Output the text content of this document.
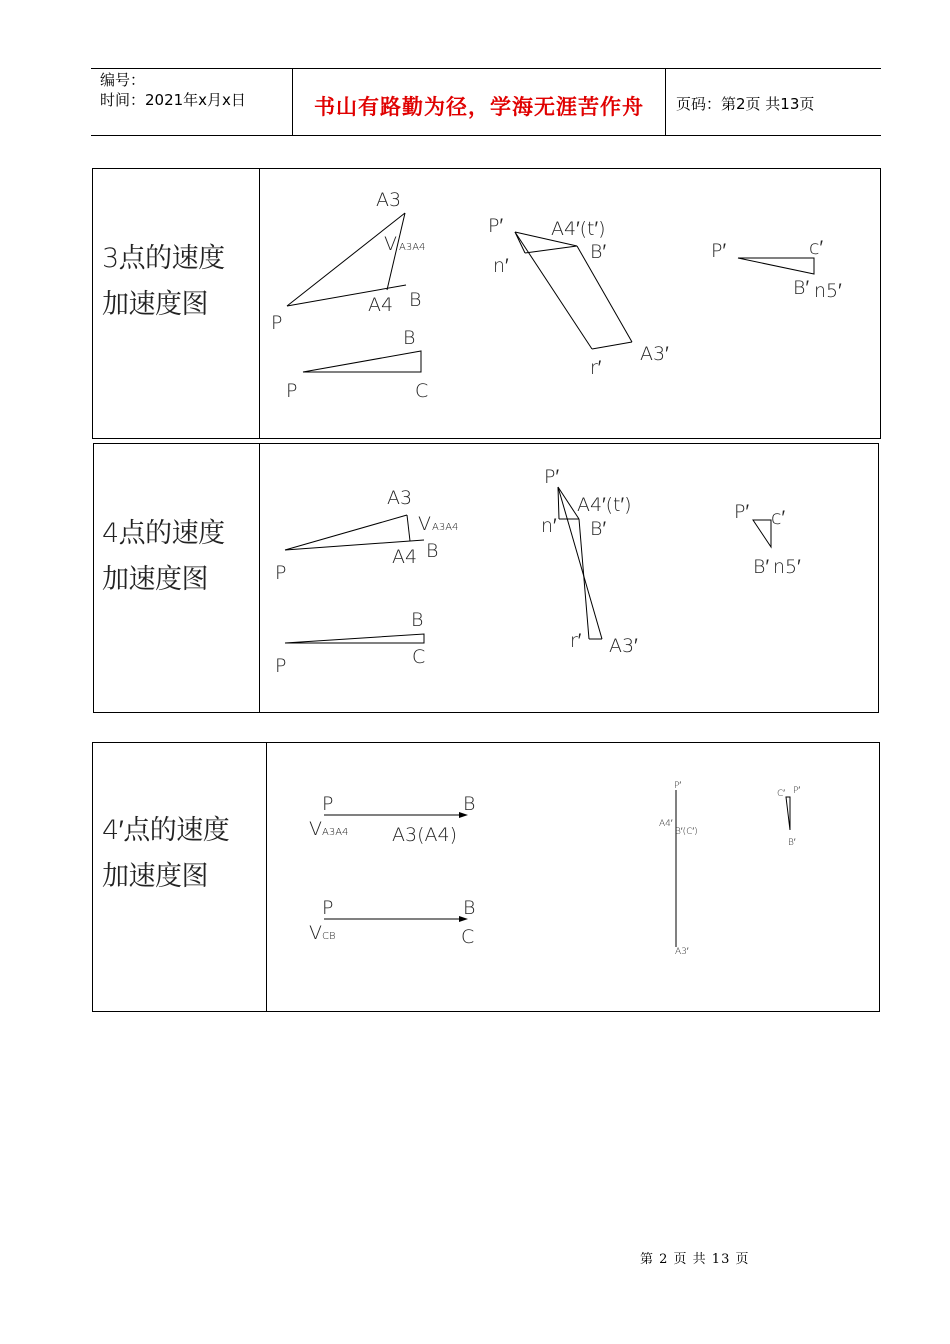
编号：
时间：2021年x月x日	书山有路勤为径，学海无涯苦作舟 页码：第2页 共13页
3点的速度
加速度图
A3
V A3A4
A4 B
P
B
P	C
P′	A4′(t′)
B′
n′
A3′
r′
P′	c′
B′ n5′
4点的速度
加速度图
A3
V A3A4
A4 B
P
B
P	C
P′
A4′(t′)
B′
n′
A3′
r′
P′ c′
B′ n5′
4′点的速度
加速度图
P	B
V A3A4 A3(A4)
P	B
V CB	C
P′
A4′
B′(C′)
A3′
C′ P′
B′
第 2 页 共 13 页
